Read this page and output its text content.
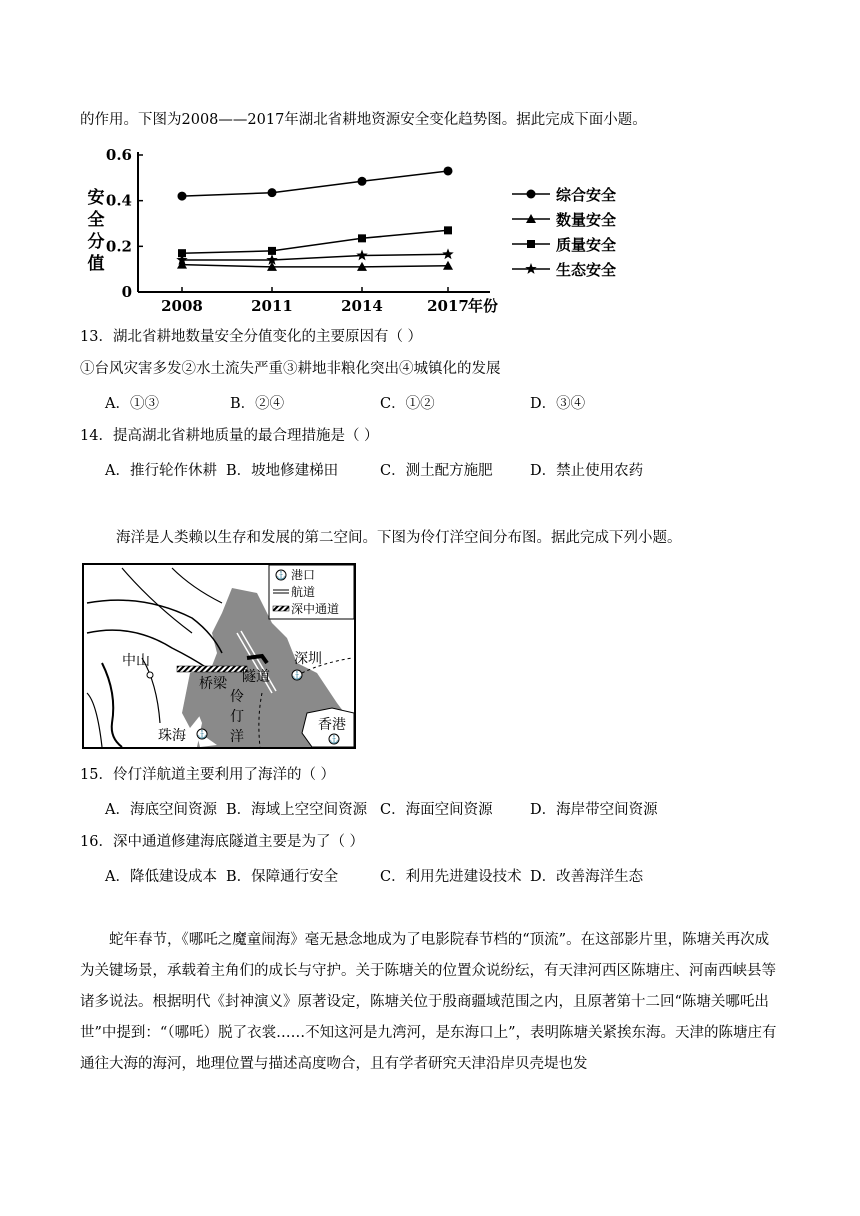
的作用。下图为2008——2017年湖北省耕地资源安全变化趋势图。据此完成下面小题。
0
0.2
0.4
0.6
2008	2011	2014	2017 年份
安
全
分
值
综合安全
数量安全
质量安全
生态安全
13．湖北省耕地数量安全分值变化的主要原因有（ ）
①台风灾害多发②水土流失严重③耕地非粮化突出④城镇化的发展
A．①③	B．②④	C．①②	D．③④
14．提高湖北省耕地质量的最合理措施是（ ）
A．推行轮作休耕 B．坡地修建梯田	C．测土配方施肥	D．禁止使用农药
海洋是人类赖以生存和发展的第二空间。下图为伶仃洋空间分布图。据此完成下列小题。
⚓ 港口
航道
深中通道
中山
⚓
深圳
⚓
珠海	⚓
香港
桥梁 隧道
伶
仃
洋
15．伶仃洋航道主要利用了海洋的（ ）
A．海底空间资源 B．海域上空空间资源 C．海面空间资源	D．海岸带空间资源
16．深中通道修建海底隧道主要是为了（ ）
A．降低建设成本 B．保障通行安全	C．利用先进建设技术 D．改善海洋生态
蛇年春节，《哪吒之魔童闹海》毫无悬念地成为了电影院春节档的“顶流”。在这部影片里，陈塘关再次成为关键场景，承载着主角们的成长与守护。关于陈塘关的位置众说纷纭，有天津河西区陈塘庄、河南西峡县等诸多说法。根据明代《封神演义》原著设定，陈塘关位于殷商疆域范围之内，且原著第十二回“陈塘关哪吒出世”中提到：“（哪吒）脱了衣裳……不知这河是九湾河，是东海口上”，表明陈塘关紧挨东海。天津的陈塘庄有通往大海的海河，地理位置与描述高度吻合，且有学者研究天津沿岸贝壳堤也发
